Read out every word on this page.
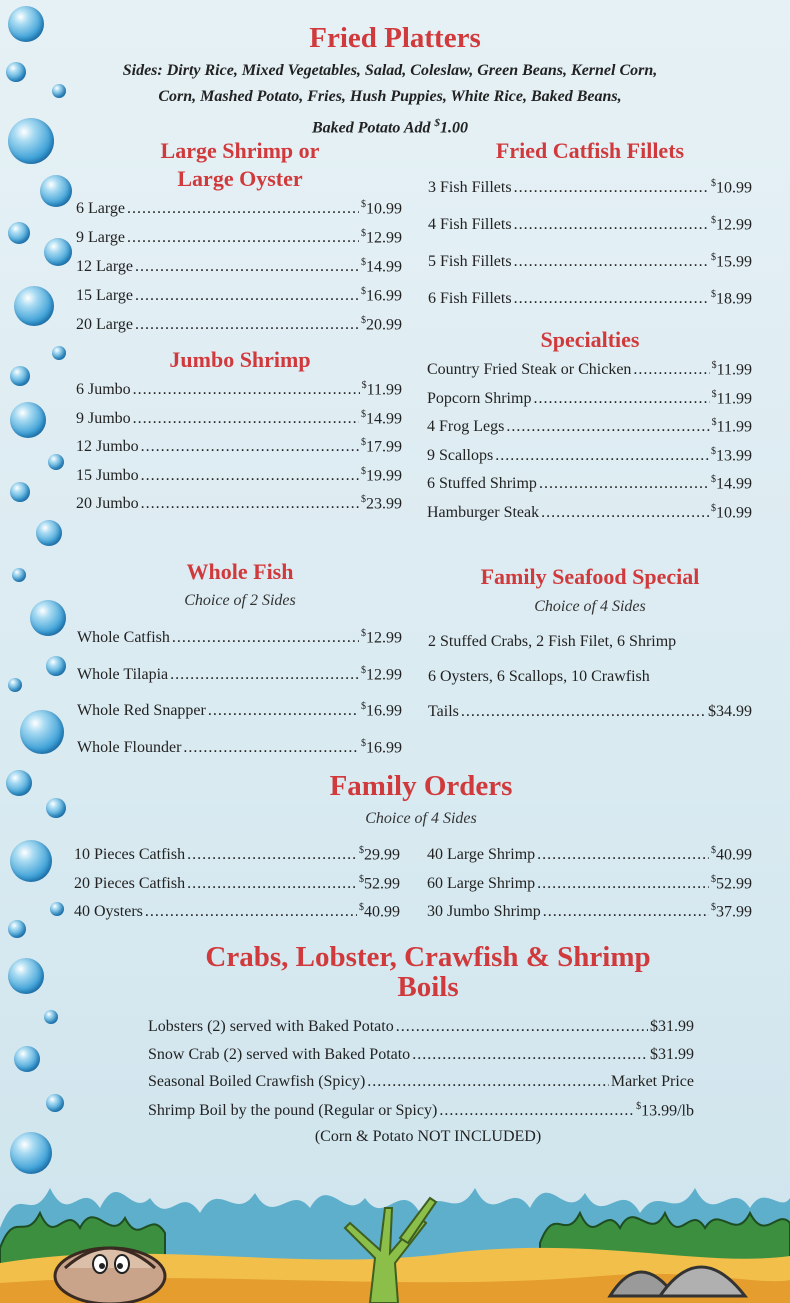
Fried Platters
Sides: Dirty Rice, Mixed Vegetables, Salad, Coleslaw, Green Beans, Kernel Corn,
Corn, Mashed Potato, Fries, Hush Puppies, White Rice, Baked Beans,
Baked Potato Add $1.00
Large Shrimp or
Large Oyster
6 Large .....	$10.99
9 Large .....	$12.99
12 Large .....	$14.99
15 Large .....	$16.99
20 Large .....	$20.99
Jumbo Shrimp
6 Jumbo .....	$11.99
9 Jumbo .....	$14.99
12 Jumbo .....	$17.99
15 Jumbo .....	$19.99
20 Jumbo .....	$23.99
Fried Catfish Fillets
3 Fish Fillets .....	$10.99
4 Fish Fillets .....	$12.99
5 Fish Fillets .....	$15.99
6 Fish Fillets .....	$18.99
Specialties
Country Fried Steak or Chicken .....	$11.99
Popcorn Shrimp .....	$11.99
4 Frog Legs .....	$11.99
9 Scallops .....	$13.99
6 Stuffed Shrimp .....	$14.99
Hamburger Steak .....	$10.99
Whole Fish
Choice of 2 Sides
Whole Catfish .....	$12.99
Whole Tilapia .....	$12.99
Whole Red Snapper .....	$16.99
Whole Flounder .....	$16.99
Family Seafood Special
Choice of 4 Sides
2 Stuffed Crabs, 2 Fish Filet, 6 Shrimp
6 Oysters, 6 Scallops, 10 Crawfish
Tails .....	$34.99
Family Orders
Choice of 4 Sides
10 Pieces Catfish .....	$29.99
20 Pieces Catfish .....	$52.99
40 Oysters .....	$40.99
40 Large Shrimp .....	$40.99
60 Large Shrimp .....	$52.99
30 Jumbo Shrimp .....	$37.99
Crabs, Lobster, Crawfish & Shrimp
Boils
Lobsters (2) served with Baked Potato .....	$31.99
Snow Crab (2) served with Baked Potato .....	$31.99
Seasonal Boiled Crawfish (Spicy) .....	Market Price
Shrimp Boil by the pound (Regular or Spicy) .....	$13.99/lb
(Corn & Potato NOT INCLUDED)
